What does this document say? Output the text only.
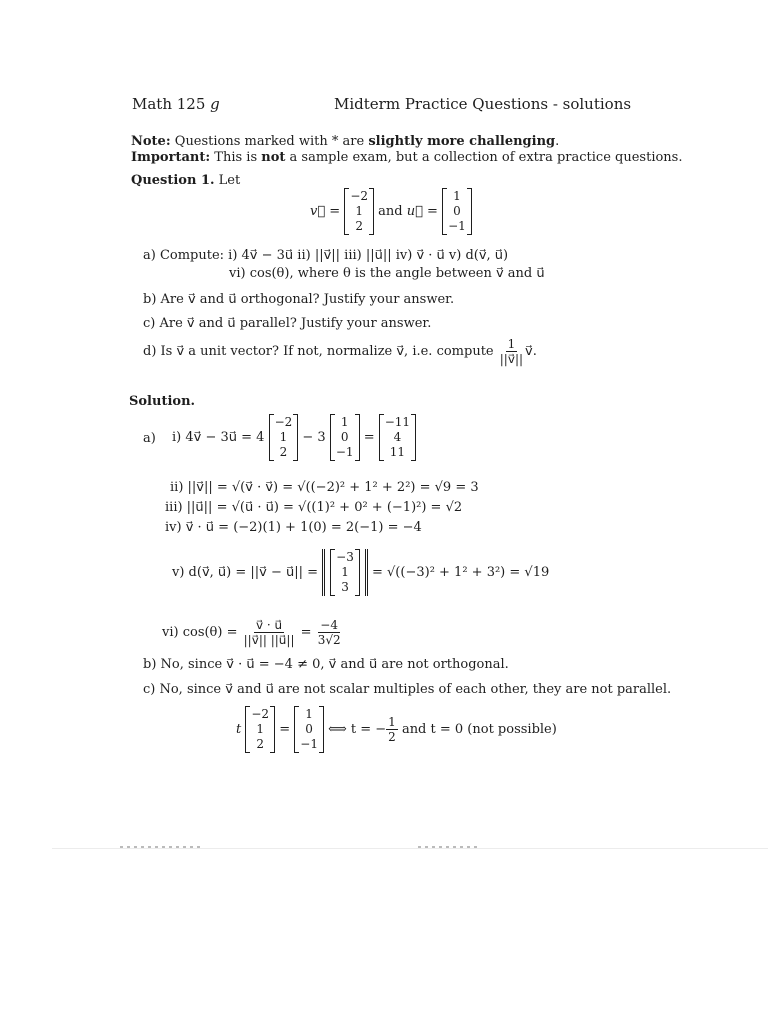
Math 125 g	Midterm Practice Questions - solutions
Note: Questions marked with * are slightly more challenging.
Important: This is not a sample exam, but a collection of extra practice questions.
Question 1. Let
v⃗ =

−2
1
2

and
u⃗ =

1
0
−1
a) Compute: i) 4v⃗ − 3u⃗ ii) ||v⃗|| iii) ||u⃗|| iv) v⃗ · u⃗ v) d(v⃗, u⃗)
vi) cos(θ), where θ is the angle between v⃗ and u⃗
b) Are v⃗ and u⃗ orthogonal? Justify your answer.
c) Are v⃗ and u⃗ parallel? Justify your answer.
d) Is v⃗ a unit vector? If not, normalize v⃗, i.e. compute
$\frac{1}{||v⃗||}$ v⃗.
Solution.
a) i) 4v⃗ − 3u⃗ = 4

−2
1
2

− 3

1
0
−1

=

−11
4
11
ii) ||v⃗|| = √(v⃗ · v⃗) = √((−2)² + 1² + 2²) = √9 = 3
iii) ||u⃗|| = √(u⃗ · u⃗) = √((1)² + 0² + (−1)²) = √2
iv) v⃗ · u⃗ = (−2)(1) + 1(0) = 2(−1) = −4
v) d(v⃗, u⃗) = ||v⃗ − u⃗|| =

−3
1
3

= √((−3)² + 1² + 3²) = √19
vi) cos(θ) =
$\frac{v⃗ \cdot u⃗}{||v⃗|| ||u⃗||}$
=
$\frac{-4}{3√2}$
b) No, since v⃗ · u⃗ = −4 ≠ 0, v⃗ and u⃗ are not orthogonal.
c) No, since v⃗ and u⃗ are not scalar multiples of each other, they are not parallel.
t

−2
1
2

=

1
0
−1

⟺ t = − $\frac{1}{2}$
and t = 0 (not possible)
